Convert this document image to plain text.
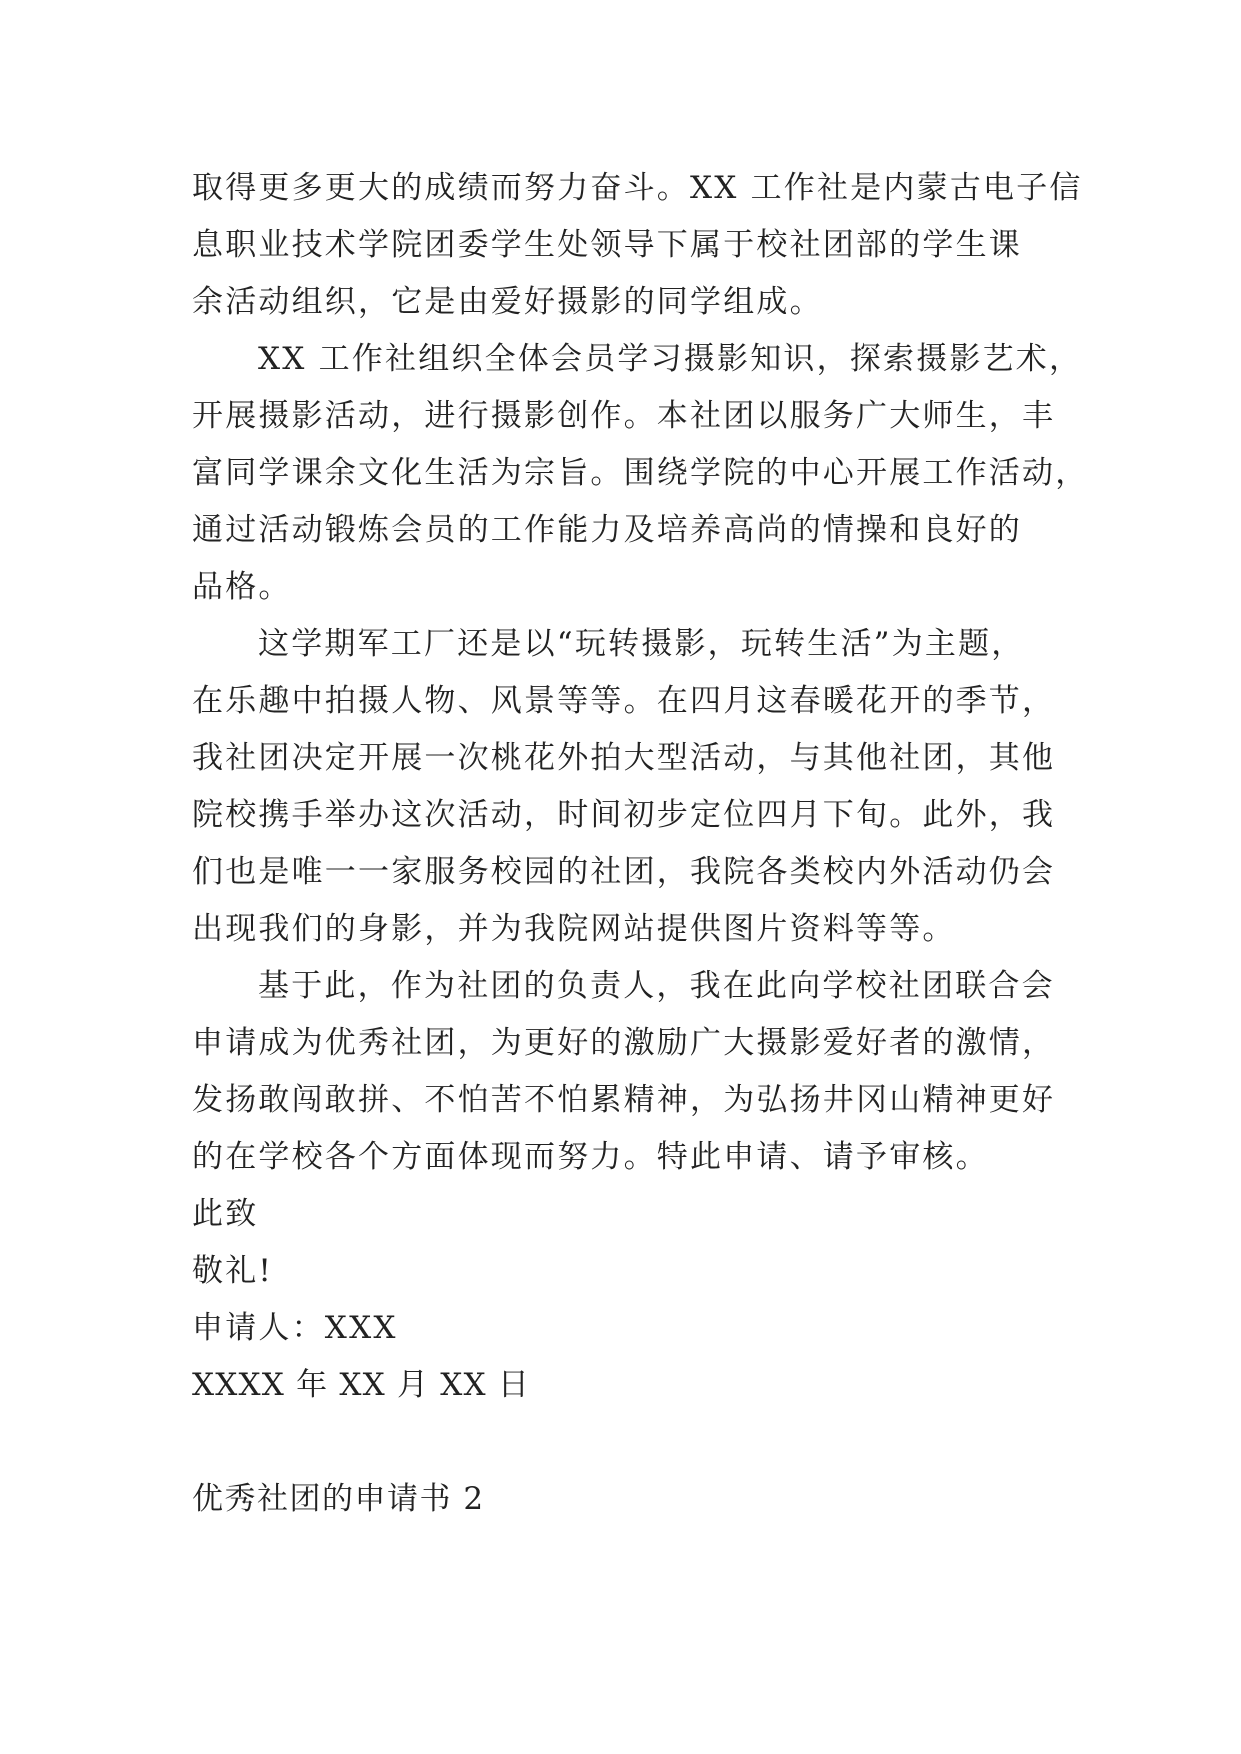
取得更多更大的成绩而努力奋斗。XX 工作社是内蒙古电子信

息职业技术学院团委学生处领导下属于校社团部的学生课

余活动组织，它是由爱好摄影的同学组成。

XX 工作社组织全体会员学习摄影知识，探索摄影艺术，

开展摄影活动，进行摄影创作。本社团以服务广大师生，丰

富同学课余文化生活为宗旨。围绕学院的中心开展工作活动，

通过活动锻炼会员的工作能力及培养高尚的情操和良好的

品格。

这学期军工厂还是以“玩转摄影，玩转生活”为主题，

在乐趣中拍摄人物、风景等等。在四月这春暖花开的季节，

我社团决定开展一次桃花外拍大型活动，与其他社团，其他

院校携手举办这次活动，时间初步定位四月下旬。此外，我

们也是唯一一家服务校园的社团，我院各类校内外活动仍会

出现我们的身影，并为我院网站提供图片资料等等。

基于此，作为社团的负责人，我在此向学校社团联合会

申请成为优秀社团，为更好的激励广大摄影爱好者的激情，

发扬敢闯敢拼、不怕苦不怕累精神，为弘扬井冈山精神更好

的在学校各个方面体现而努力。特此申请、请予审核。

此致

敬礼!

申请人：XXX

XXXX 年 XX 月 XX 日

优秀社团的申请书 2
